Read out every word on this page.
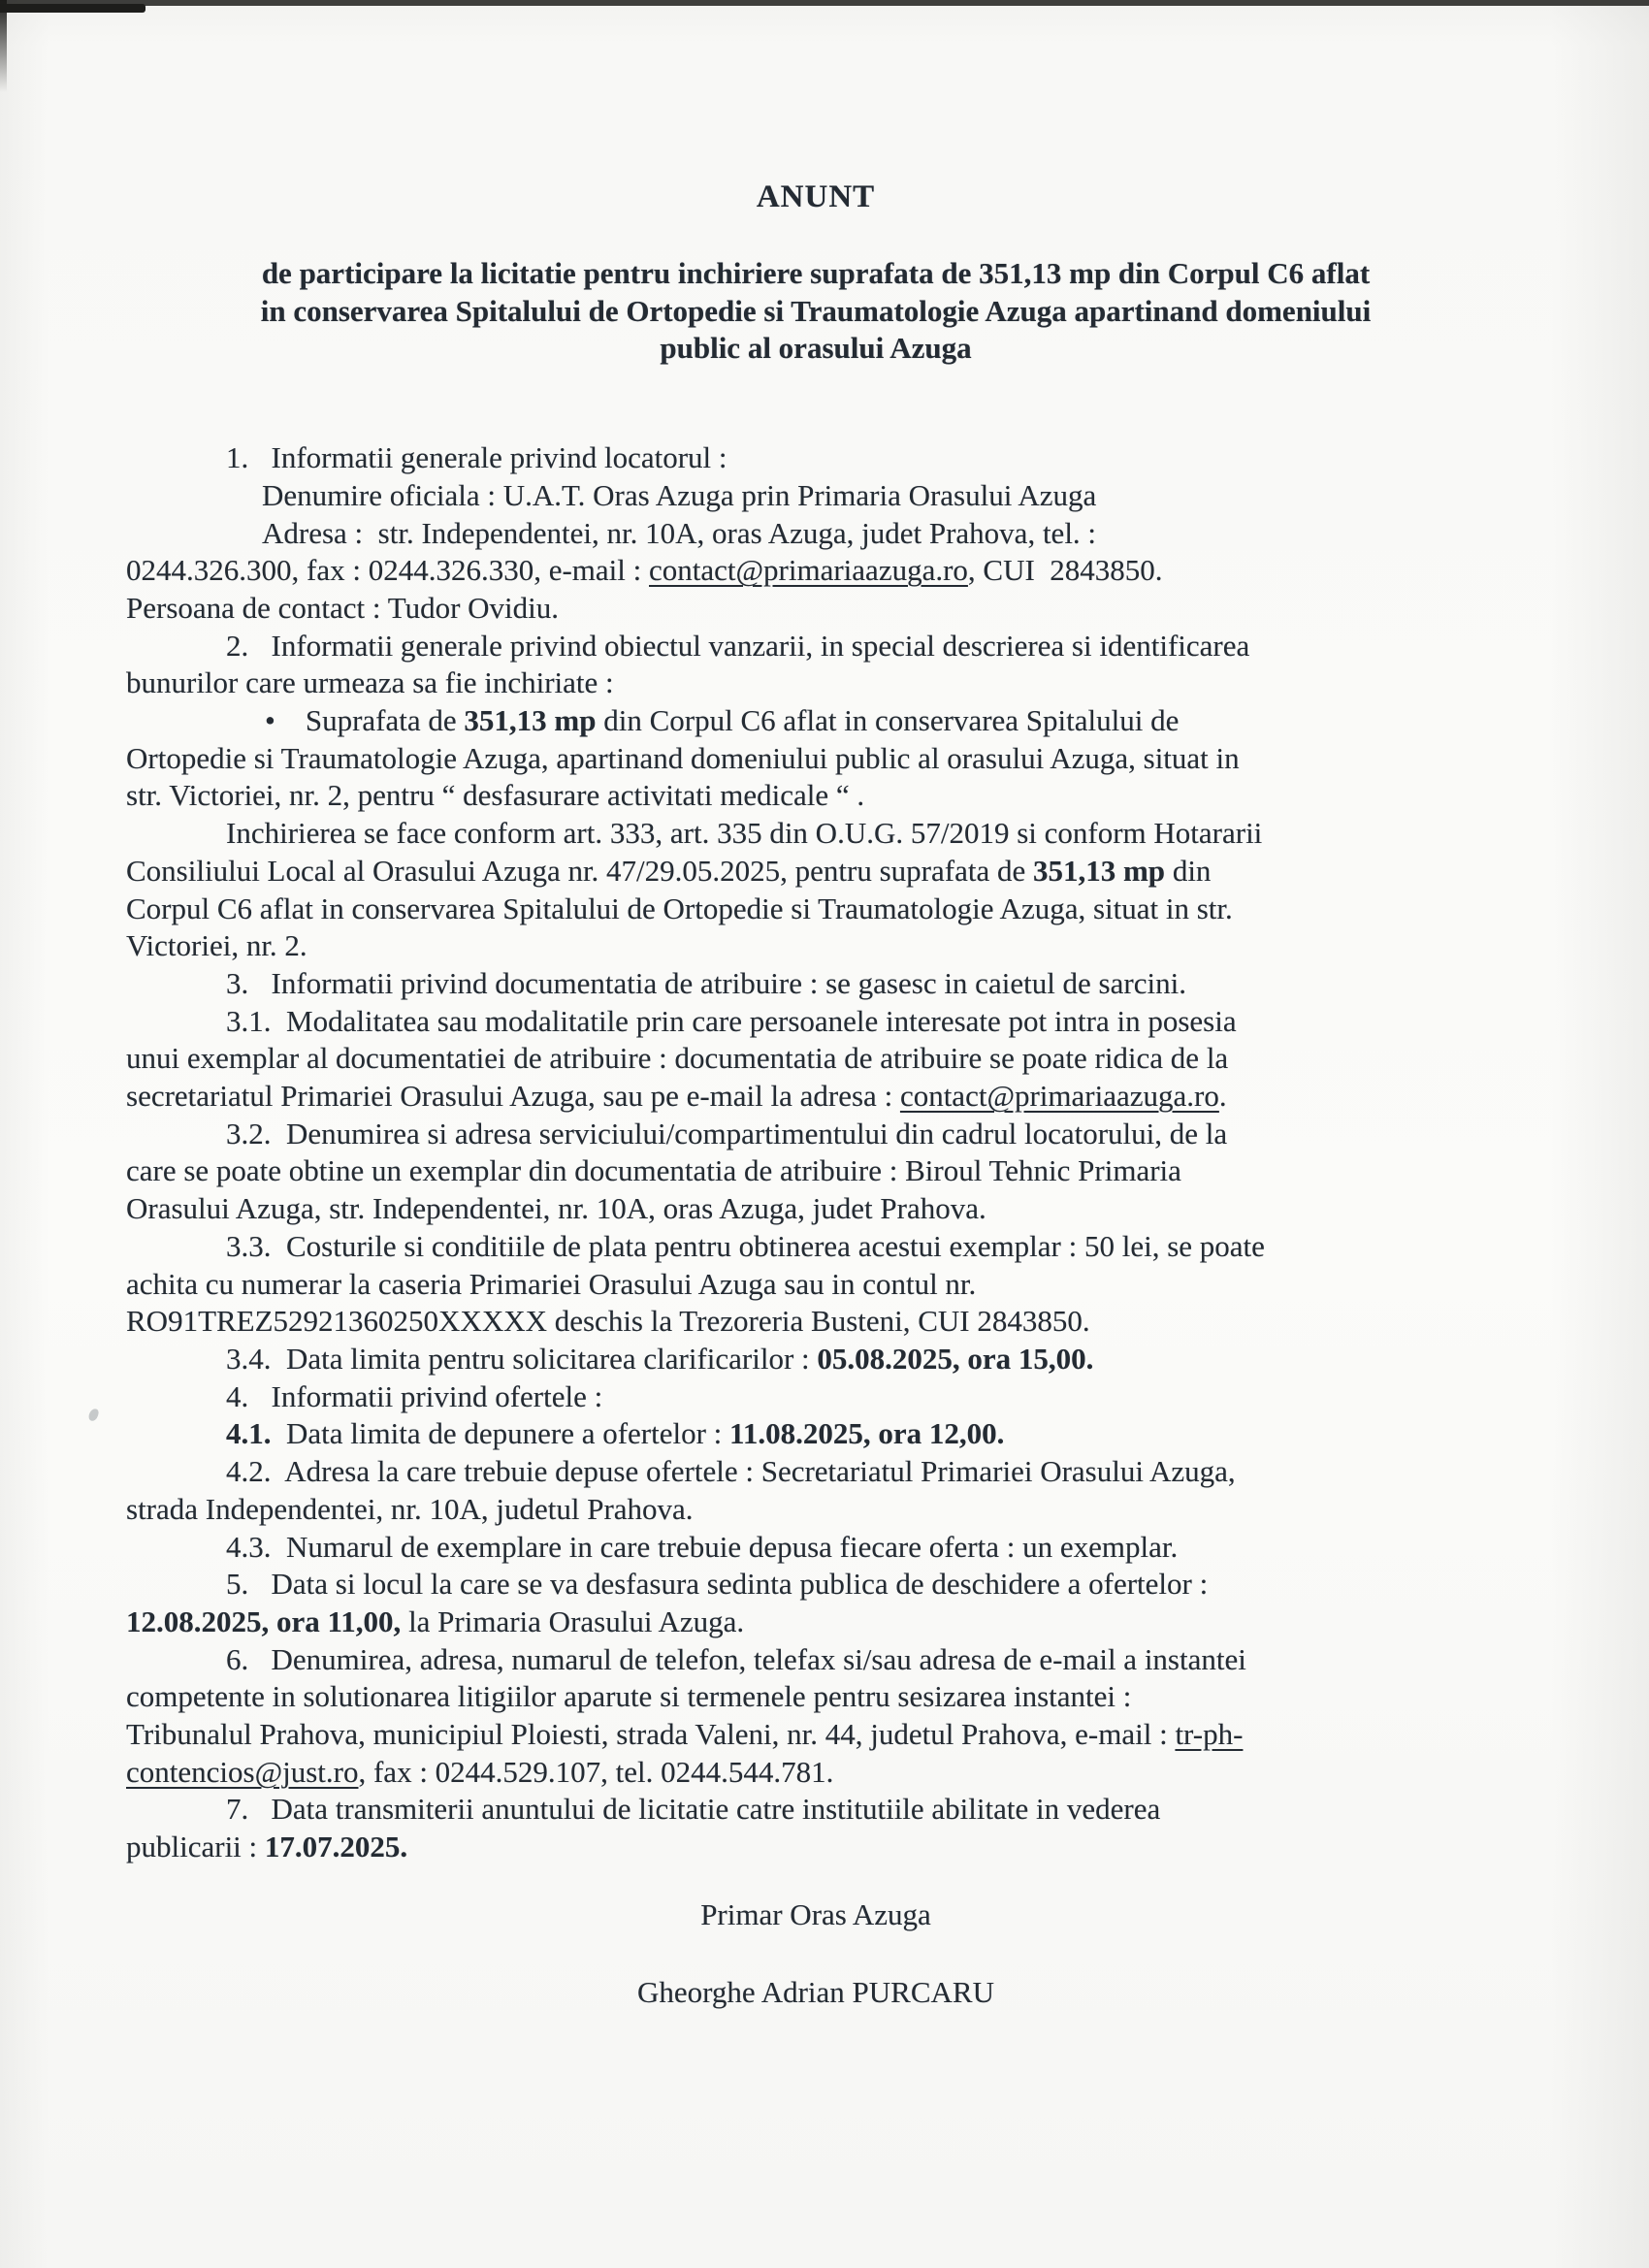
ANUNT
de participare la licitatie pentru inchiriere suprafata de 351,13 mp din Corpul C6 aflat
in conservarea Spitalului de Ortopedie si Traumatologie Azuga apartinand domeniului
public al orasului Azuga
1.   Informatii generale privind locatorul :
Denumire oficiala : U.A.T. Oras Azuga prin Primaria Orasului Azuga
Adresa :  str. Independentei, nr. 10A, oras Azuga, judet Prahova, tel. :
0244.326.300, fax : 0244.326.330, e-mail : contact@primariaazuga.ro, CUI  2843850.
Persoana de contact : Tudor Ovidiu.
2.   Informatii generale privind obiectul vanzarii, in special descrierea si identificarea
bunurilor care urmeaza sa fie inchiriate :
•    Suprafata de 351,13 mp din Corpul C6 aflat in conservarea Spitalului de
Ortopedie si Traumatologie Azuga, apartinand domeniului public al orasului Azuga, situat in
str. Victoriei, nr. 2, pentru “ desfasurare activitati medicale “ .
Inchirierea se face conform art. 333, art. 335 din O.U.G. 57/2019 si conform Hotararii
Consiliului Local al Orasului Azuga nr. 47/29.05.2025, pentru suprafata de 351,13 mp din
Corpul C6 aflat in conservarea Spitalului de Ortopedie si Traumatologie Azuga, situat in str.
Victoriei, nr. 2.
3.   Informatii privind documentatia de atribuire : se gasesc in caietul de sarcini.
3.1.  Modalitatea sau modalitatile prin care persoanele interesate pot intra in posesia
unui exemplar al documentatiei de atribuire : documentatia de atribuire se poate ridica de la
secretariatul Primariei Orasului Azuga, sau pe e-mail la adresa : contact@primariaazuga.ro.
3.2.  Denumirea si adresa serviciului/compartimentului din cadrul locatorului, de la
care se poate obtine un exemplar din documentatia de atribuire : Biroul Tehnic Primaria
Orasului Azuga, str. Independentei, nr. 10A, oras Azuga, judet Prahova.
3.3.  Costurile si conditiile de plata pentru obtinerea acestui exemplar : 50 lei, se poate
achita cu numerar la caseria Primariei Orasului Azuga sau in contul nr.
RO91TREZ52921360250XXXXX deschis la Trezoreria Busteni, CUI 2843850.
3.4.  Data limita pentru solicitarea clarificarilor : 05.08.2025, ora 15,00.
4.   Informatii privind ofertele :
4.1.  Data limita de depunere a ofertelor : 11.08.2025, ora 12,00.
4.2.  Adresa la care trebuie depuse ofertele : Secretariatul Primariei Orasului Azuga,
strada Independentei, nr. 10A, judetul Prahova.
4.3.  Numarul de exemplare in care trebuie depusa fiecare oferta : un exemplar.
5.   Data si locul la care se va desfasura sedinta publica de deschidere a ofertelor :
12.08.2025, ora 11,00, la Primaria Orasului Azuga.
6.   Denumirea, adresa, numarul de telefon, telefax si/sau adresa de e-mail a instantei
competente in solutionarea litigiilor aparute si termenele pentru sesizarea instantei :
Tribunalul Prahova, municipiul Ploiesti, strada Valeni, nr. 44, judetul Prahova, e-mail : tr-ph-
contencios@just.ro, fax : 0244.529.107, tel. 0244.544.781.
7.   Data transmiterii anuntului de licitatie catre institutiile abilitate in vederea
publicarii : 17.07.2025.
Primar Oras Azuga
Gheorghe Adrian PURCARU
